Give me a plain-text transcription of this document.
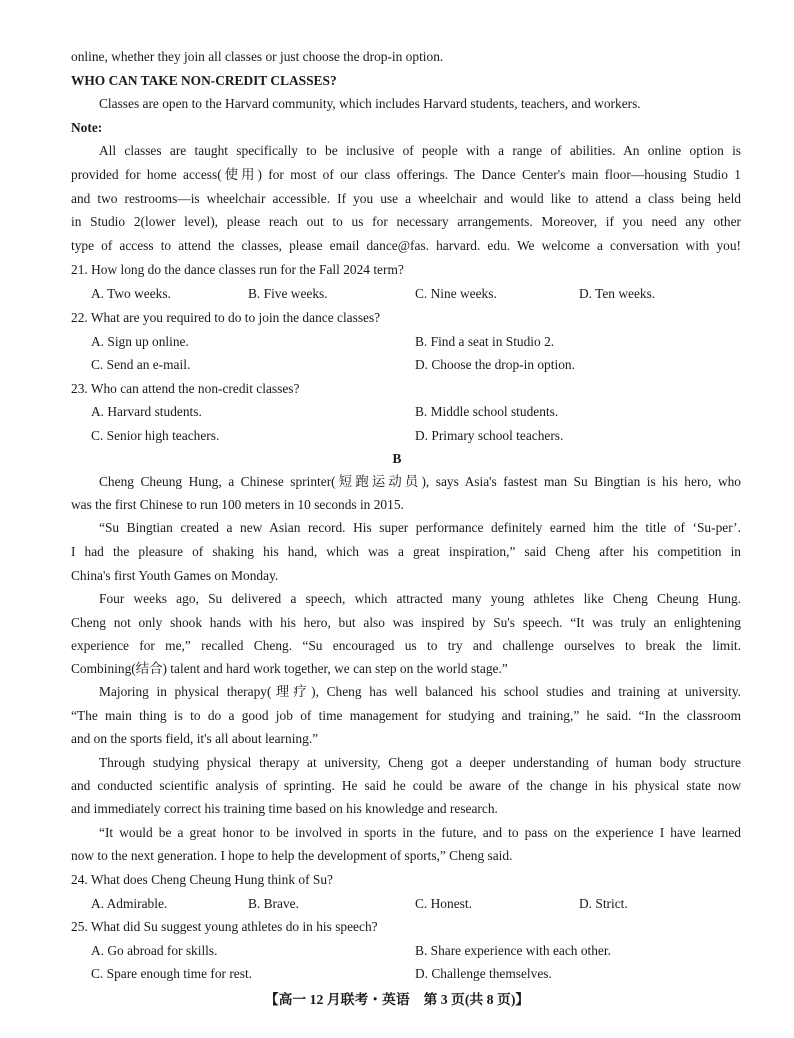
online, whether they join all classes or just choose the drop-in option.
WHO CAN TAKE NON-CREDIT CLASSES?
Classes are open to the Harvard community, which includes Harvard students, teachers, and workers.
Note:
All classes are taught specifically to be inclusive of people with a range of abilities. An online option is
provided for home access(使用) for most of our class offerings. The Dance Center's main floor—housing Studio 1
and two restrooms—is wheelchair accessible. If you use a wheelchair and would like to attend a class being held
in Studio 2(lower level), please reach out to us for necessary arrangements. Moreover, if you need any other
type of access to attend the classes, please email dance@fas. harvard. edu. We welcome a conversation with you!
21. How long do the dance classes run for the Fall 2024 term?
A. Two weeks.	B. Five weeks.	C. Nine weeks.	D. Ten weeks.
22. What are you required to do to join the dance classes?
A. Sign up online.	B. Find a seat in Studio 2.
C. Send an e-mail.	D. Choose the drop-in option.
23. Who can attend the non-credit classes?
A. Harvard students.	B. Middle school students.
C. Senior high teachers.	D. Primary school teachers.
B
Cheng Cheung Hung, a Chinese sprinter(短跑运动员), says Asia's fastest man Su Bingtian is his hero, who
was the first Chinese to run 100 meters in 10 seconds in 2015.
“Su Bingtian created a new Asian record. His super performance definitely earned him the title of ‘Su-per’.
I had the pleasure of shaking his hand, which was a great inspiration,” said Cheng after his competition in
China's first Youth Games on Monday.
Four weeks ago, Su delivered a speech, which attracted many young athletes like Cheng Cheung Hung.
Cheng not only shook hands with his hero, but also was inspired by Su's speech. “It was truly an enlightening
experience for me,” recalled Cheng. “Su encouraged us to try and challenge ourselves to break the limit.
Combining(结合) talent and hard work together, we can step on the world stage.”
Majoring in physical therapy(理疗), Cheng has well balanced his school studies and training at university.
“The main thing is to do a good job of time management for studying and training,” he said. “In the classroom
and on the sports field, it's all about learning.”
Through studying physical therapy at university, Cheng got a deeper understanding of human body structure
and conducted scientific analysis of sprinting. He said he could be aware of the change in his physical state now
and immediately correct his training time based on his knowledge and research.
“It would be a great honor to be involved in sports in the future, and to pass on the experience I have learned
now to the next generation. I hope to help the development of sports,” Cheng said.
24. What does Cheng Cheung Hung think of Su?
A. Admirable.	B. Brave.	C. Honest.	D. Strict.
25. What did Su suggest young athletes do in his speech?
A. Go abroad for skills.	B. Share experience with each other.
C. Spare enough time for rest.	D. Challenge themselves.
【高一 12 月联考・英语　第 3 页(共 8 页)】
